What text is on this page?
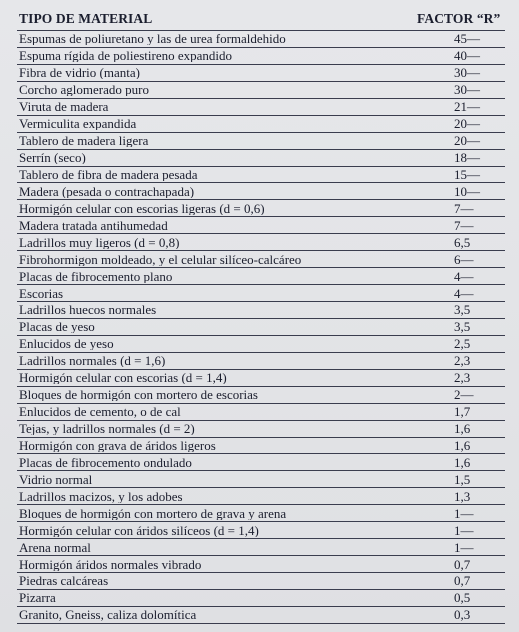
TIPO DE MATERIAL	FACTOR “R”
Espumas de poliuretano y las de urea formaldehido	45—
Espuma rígida de poliestireno expandido	40—
Fibra de vidrio (manta)	30—
Corcho aglomerado puro	30—
Viruta de madera	21—
Vermiculita expandida	20—
Tablero de madera ligera	20—
Serrín (seco)	18—
Tablero de fibra de madera pesada	15—
Madera (pesada o contrachapada)	10—
Hormigón celular con escorias ligeras (d = 0,6)	7—
Madera tratada antihumedad	7—
Ladrillos muy ligeros (d = 0,8)	6,5
Fibrohormigon moldeado, y el celular silíceo-calcáreo	6—
Placas de fibrocemento plano	4—
Escorias	4—
Ladrillos huecos normales	3,5
Placas de yeso	3,5
Enlucidos de yeso	2,5
Ladrillos normales (d = 1,6)	2,3
Hormigón celular con escorias (d = 1,4)	2,3
Bloques de hormigón con mortero de escorias	2—
Enlucidos de cemento, o de cal	1,7
Tejas, y ladrillos normales (d = 2)	1,6
Hormigón con grava de áridos ligeros	1,6
Placas de fibrocemento ondulado	1,6
Vidrio normal	1,5
Ladrillos macizos, y los adobes	1,3
Bloques de hormigón con mortero de grava y arena	1—
Hormigón celular con áridos silíceos (d = 1,4)	1—
Arena normal	1—
Hormigón áridos normales vibrado	0,7
Piedras calcáreas	0,7
Pizarra	0,5
Granito, Gneiss, caliza dolomítica	0,3
